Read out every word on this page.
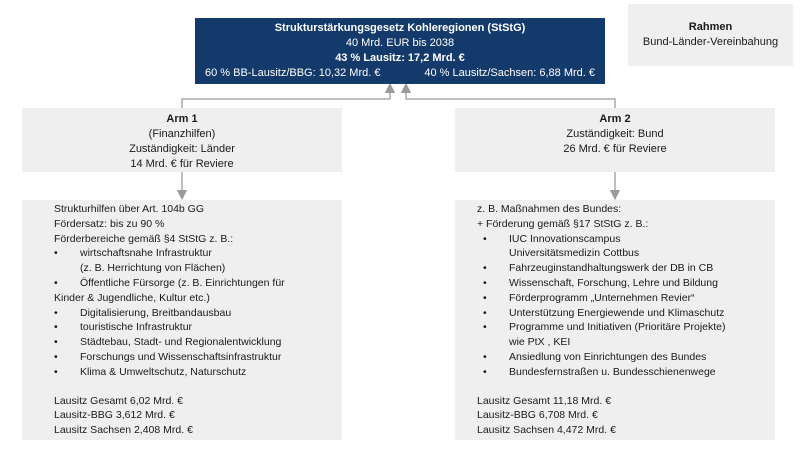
Strukturstärkungsgesetz Kohleregionen (StStG)
40 Mrd. EUR bis 2038
43 % Lausitz: 17,2 Mrd. €
60 % BB-Lausitz/BBG: 10,32 Mrd. €	40 % Lausitz/Sachsen: 6,88 Mrd. €
Rahmen
Bund-Länder-Vereinbahung
Arm 1
(Finanzhilfen)
Zuständigkeit: Länder
14 Mrd. € für Reviere
Arm 2
Zuständigkeit: Bund
26 Mrd. € für Reviere
Strukturhilfen über Art. 104b GG
Fördersatz: bis zu 90 %
Förderbereiche gemäß §4 StStG z. B.:
• wirtschaftsnahe Infrastruktur
(z. B. Herrichtung von Flächen)
• Öffentliche Fürsorge (z. B. Einrichtungen für
Kinder & Jugendliche, Kultur etc.)
• Digitalisierung, Breitbandausbau
• touristische Infrastruktur
• Städtebau, Stadt- und Regionalentwicklung
• Forschungs und Wissenschaftsinfrastruktur
• Klima & Umweltschutz, Naturschutz
Lausitz Gesamt 6,02 Mrd. €
Lausitz-BBG 3,612 Mrd. €
Lausitz Sachsen 2,408 Mrd. €
z. B. Maßnahmen des Bundes:
+ Förderung gemäß §17 StStG z. B.:
• IUC Innovationscampus
Universitätsmedizin Cottbus
• Fahrzeuginstandhaltungswerk der DB in CB
• Wissenschaft, Forschung, Lehre und Bildung
• Förderprogramm „Unternehmen Revier“
• Unterstützung Energiewende und Klimaschutz
• Programme und Initiativen (Prioritäre Projekte)
wie PtX , KEI
• Ansiedlung von Einrichtungen des Bundes
• Bundesfernstraßen u. Bundesschienenwege
Lausitz Gesamt 11,18 Mrd. €
Lausitz-BBG 6,708 Mrd. €
Lausitz Sachsen 4,472 Mrd. €
